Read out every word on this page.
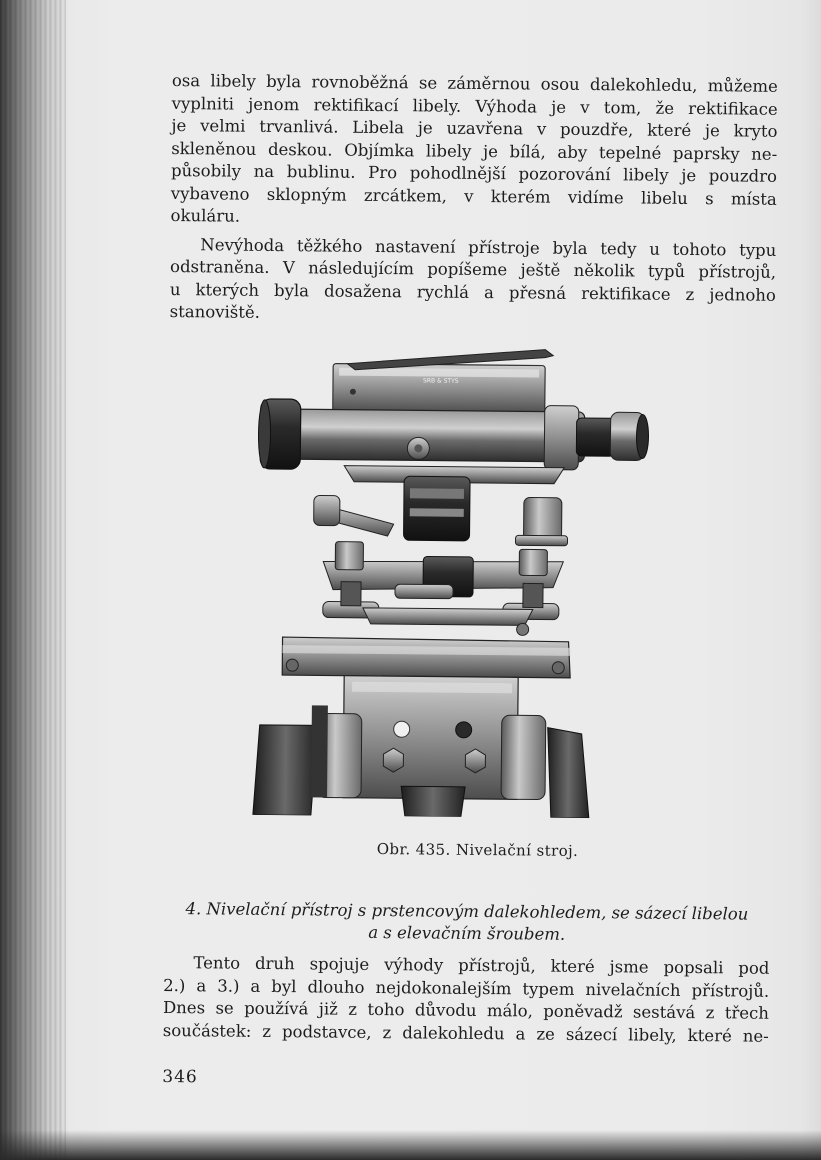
osa libely byla rovnoběžná se záměrnou osou dalekohledu, můžeme

vyplniti jenom rektifikací libely. Výhoda je v tom, že rektifikace

je velmi trvanlivá. Libela je uzavřena v pouzdře, které je kryto

skleněnou deskou. Objímka libely je bílá, aby tepelné paprsky ne-

působily na bublinu. Pro pohodlnější pozorování libely je pouzdro

vybaveno sklopným zrcátkem, v kterém vidíme libelu s místa

okuláru.

Nevýhoda těžkého nastavení přístroje byla tedy u tohoto typu

odstraněna. V následujícím popíšeme ještě několik typů přístrojů,

u kterých byla dosažena rychlá a přesná rektifikace z jednoho

stanoviště.

SRB & STYS
Obr. 435. Nivelační stroj.
4. Nivelační přístroj s prstencovým dalekohledem, se sázecí libelou
a s elevačním šroubem.

Tento druh spojuje výhody přístrojů, které jsme popsali pod

2.) a 3.) a byl dlouho nejdokonalejším typem nivelačních přístrojů.

Dnes se používá již z toho důvodu málo, poněvadž sestává z třech

součástek: z podstavce, z dalekohledu a ze sázecí libely, které ne-

346
